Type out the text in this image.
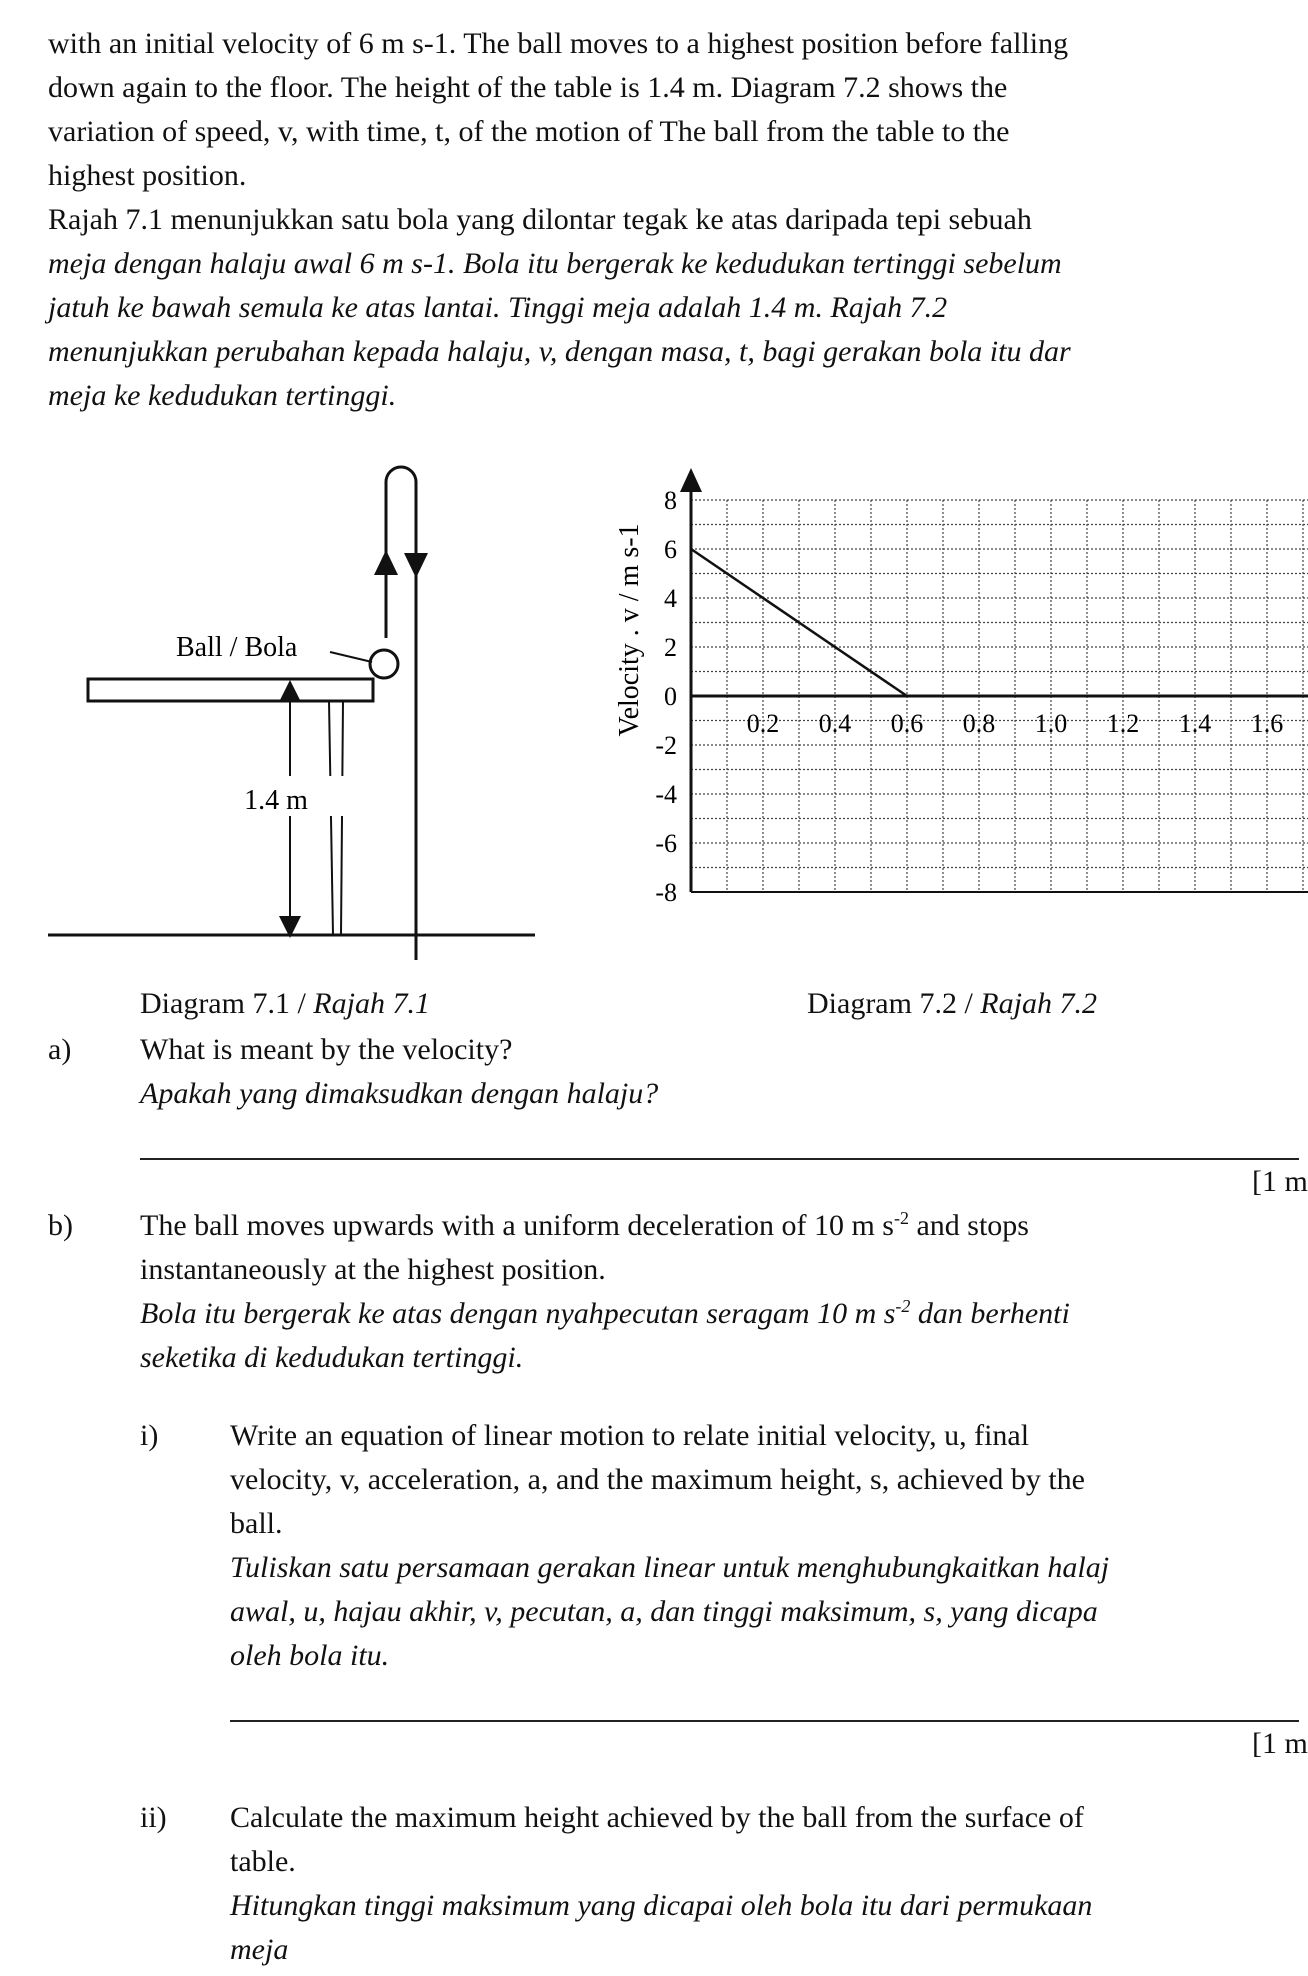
with an initial velocity of 6 m s-1. The ball moves to a highest position before falling
down again to the floor. The height of the table is 1.4 m. Diagram 7.2 shows the
variation of speed, v, with time, t, of the motion of The ball from the table to the
highest position.
Rajah 7.1 menunjukkan satu bola yang dilontar tegak ke atas daripada tepi sebuah
meja dengan halaju awal 6 m s-1. Bola itu bergerak ke kedudukan tertinggi sebelum
jatuh ke bawah semula ke atas lantai. Tinggi meja adalah 1.4 m. Rajah 7.2
menunjukkan perubahan kepada halaju, v, dengan masa, t, bagi gerakan bola itu dar
meja ke kedudukan tertinggi.
1.4 m
Ball / Bola
8
6
4
2
0
-2
-4
-6
-8
0.2 0.4 0.6 0.8 1.0 1.2 1.4 1.6
Velocity . v / m s-1
Diagram 7.1 / Rajah 7.1	Diagram 7.2 / Rajah 7.2
a) What is meant by the velocity?
Apakah yang dimaksudkan dengan halaju?
[1 m
b) The ball moves upwards with a uniform deceleration of 10 m $s^{-2}$ and stops
instantaneously at the highest position.
Bola itu bergerak ke atas dengan nyahpecutan seragam 10 m $s^{-2}$ dan berhenti
seketika di kedudukan tertinggi.
i) Write an equation of linear motion to relate initial velocity, u, final
velocity, v, acceleration, a, and the maximum height, s, achieved by the
ball.
Tuliskan satu persamaan gerakan linear untuk menghubungkaitkan halaj
awal, u, hajau akhir, v, pecutan, a, dan tinggi maksimum, s, yang dicapa
oleh bola itu.
[1 m
ii) Calculate the maximum height achieved by the ball from the surface of
table.
Hitungkan tinggi maksimum yang dicapai oleh bola itu dari permukaan
meja
